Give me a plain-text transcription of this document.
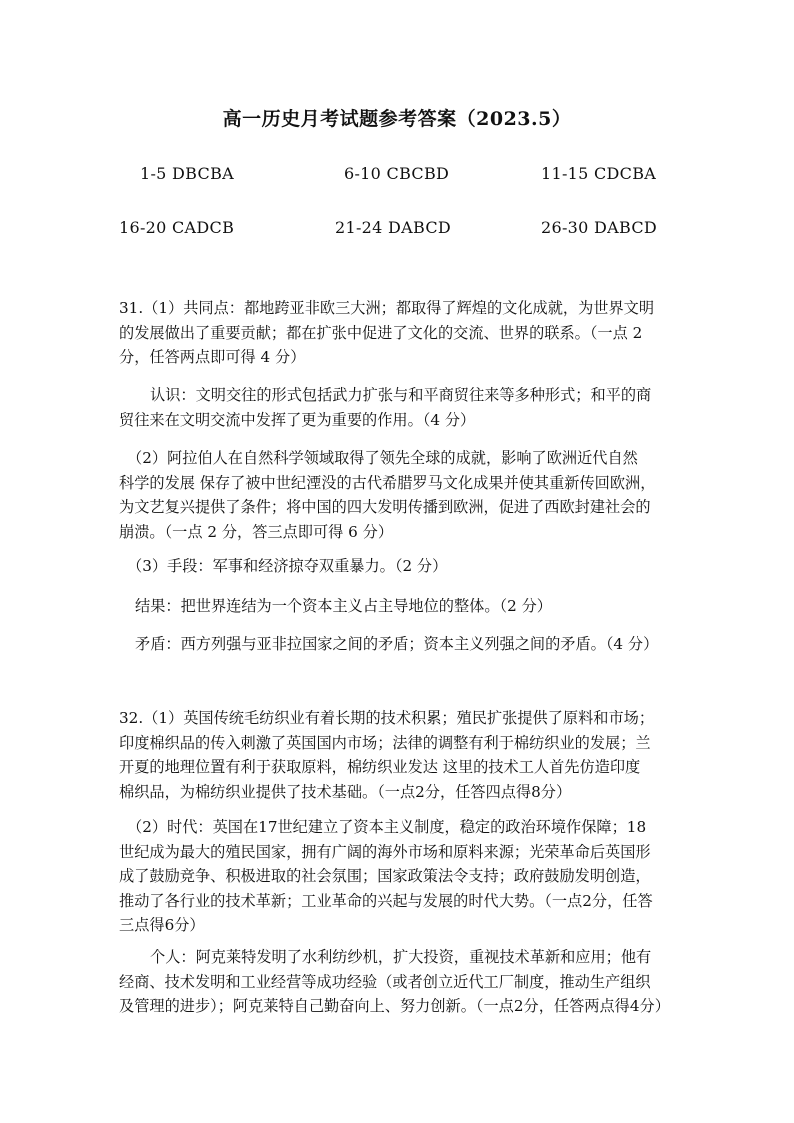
高一历史月考试题参考答案（2023.5）
1-5 DBCBA	6-10 CBCBD	11-15 CDCBA
16-20 CADCB	21-24 DABCD	26-30 DABCD
31.（1）共同点：都地跨亚非欧三大洲；都取得了辉煌的文化成就，为世界文明
的发展做出了重要贡献；都在扩张中促进了文化的交流、世界的联系。（一点 2
分，任答两点即可得 4 分）
认识：文明交往的形式包括武力扩张与和平商贸往来等多种形式；和平的商
贸往来在文明交流中发挥了更为重要的作用。（4 分）
（2）阿拉伯人在自然科学领域取得了领先全球的成就，影响了欧洲近代自然
科学的发展 保存了被中世纪湮没的古代希腊罗马文化成果并使其重新传回欧洲，
为文艺复兴提供了条件；将中国的四大发明传播到欧洲，促进了西欧封建社会的
崩溃。（一点 2 分，答三点即可得 6 分）
（3）手段：军事和经济掠夺双重暴力。（2 分）
结果：把世界连结为一个资本主义占主导地位的整体。（2 分）
矛盾：西方列强与亚非拉国家之间的矛盾；资本主义列强之间的矛盾。（4 分）
32.（1）英国传统毛纺织业有着长期的技术积累；殖民扩张提供了原料和市场；
印度棉织品的传入刺激了英国国内市场；法律的调整有利于棉纺织业的发展；兰
开夏的地理位置有利于获取原料，棉纺织业发达 这里的技术工人首先仿造印度
棉织品，为棉纺织业提供了技术基础。（一点2分，任答四点得8分）
（2）时代：英国在17世纪建立了资本主义制度，稳定的政治环境作保障；18
世纪成为最大的殖民国家，拥有广阔的海外市场和原料来源；光荣革命后英国形
成了鼓励竞争、积极进取的社会氛围；国家政策法令支持；政府鼓励发明创造，
推动了各行业的技术革新；工业革命的兴起与发展的时代大势。（一点2分，任答
三点得6分）
个人：阿克莱特发明了水利纺纱机，扩大投资，重视技术革新和应用；他有
经商、技术发明和工业经营等成功经验（或者创立近代工厂制度，推动生产组织
及管理的进步）；阿克莱特自己勤奋向上、努力创新。（一点2分，任答两点得4分）
